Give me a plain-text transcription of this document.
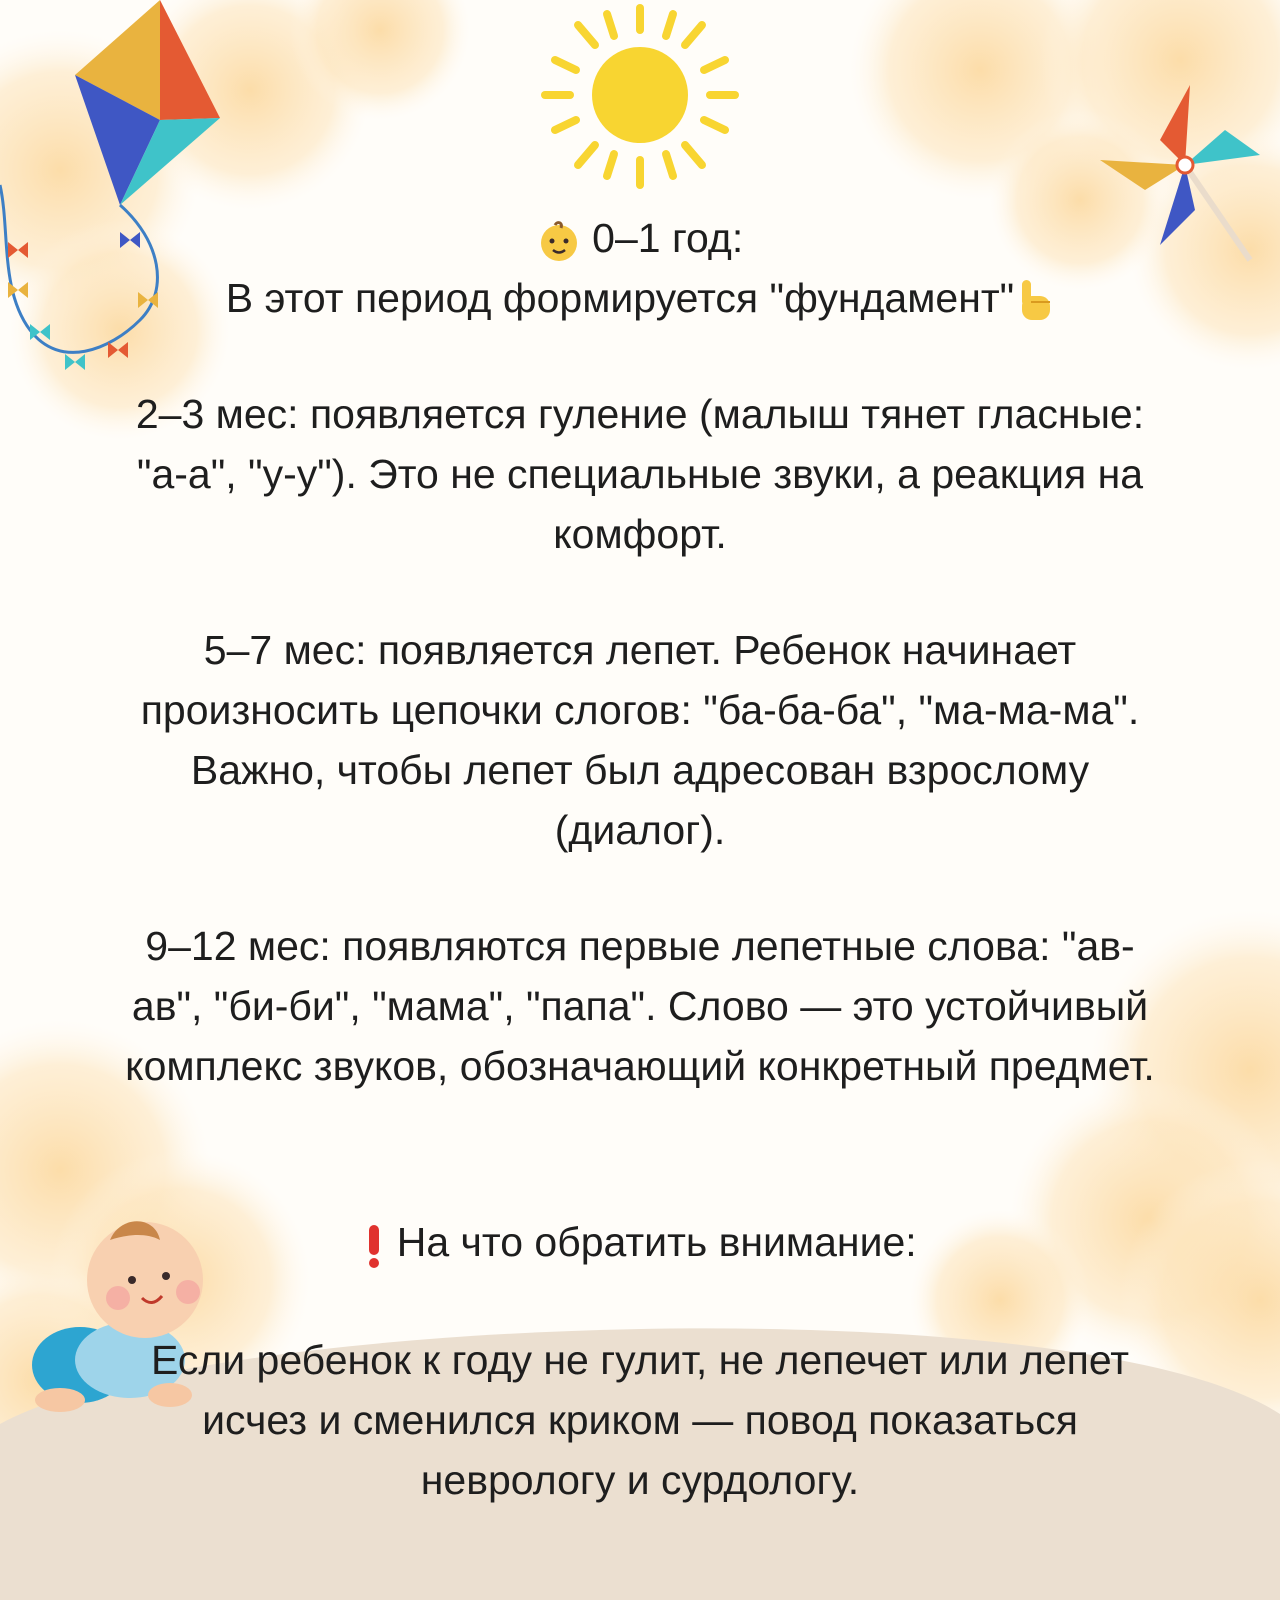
0–1 год:

В этот период формируется "фундамент"

2–3 мес: появляется гуление (малыш тянет гласные: "а-а", "у-у"). Это не специальные звуки, а реакция на комфорт.

5–7 мес: появляется лепет. Ребенок начинает произносить цепочки слогов: "ба-ба-ба", "ма-ма-ма". Важно, чтобы лепет был адресован взрослому (диалог).

9–12 мес: появляются первые лепетные слова: "ав-ав", "би-би", "мама", "папа". Слово — это устойчивый комплекс звуков, обозначающий конкретный предмет.

На что обратить внимание:

Если ребенок к году не гулит, не лепечет или лепет исчез и сменился криком — повод показаться неврологу и сурдологу.
